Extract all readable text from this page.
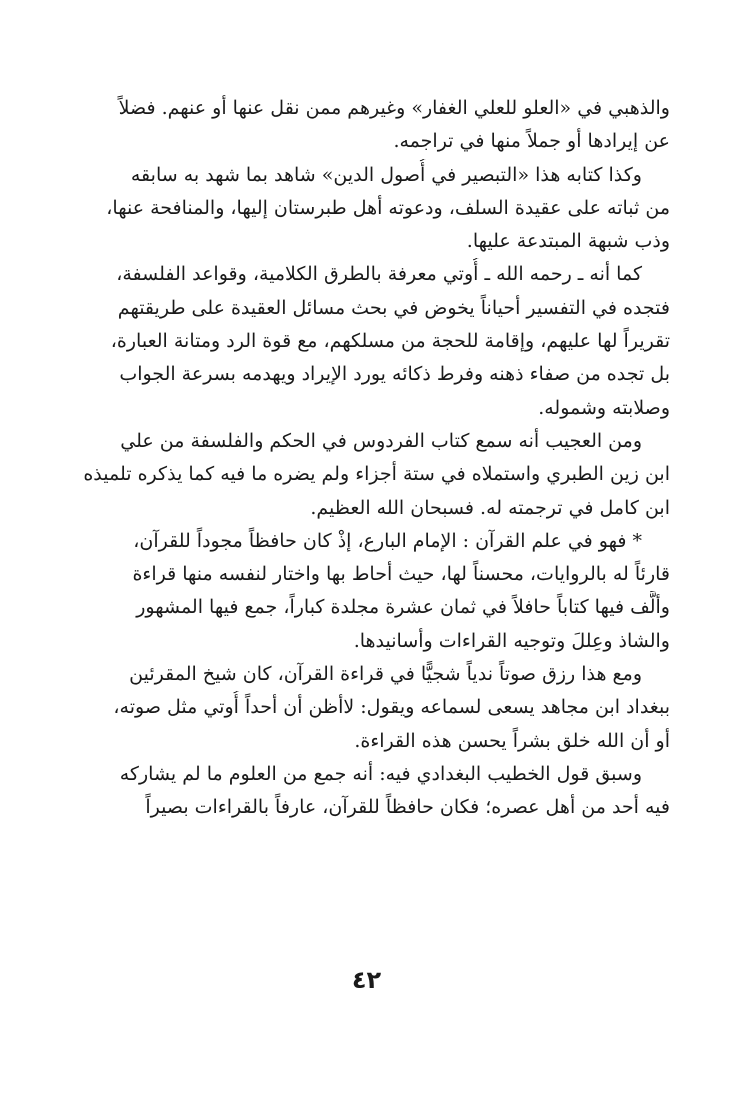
والذهبي في «العلو للعلي الغفار» وغيرهم ممن نقل عنها أو عنهم. فضلاً
عن إيرادها أو جملاً منها في تراجمه.
وكذا كتابه هذا «التبصير في أُصول الدين» شاهد بما شهد به سابقه
من ثباته على عقيدة السلف، ودعوته أهل طبرستان إليها، والمنافحة عنها،
وذب شبهة المبتدعة عليها.
كما أنه ـ رحمه الله ـ أُوتي معرفة بالطرق الكلامية، وقواعد الفلسفة،
فتجده في التفسير أحياناً يخوض في بحث مسائل العقيدة على طريقتهم
تقريراً لها عليهم، وإقامة للحجة من مسلكهم، مع قوة الرد ومتانة العبارة،
بل تجده من صفاء ذهنه وفرط ذكائه يورد الإيراد ويهدمه بسرعة الجواب
وصلابته وشموله.
ومن العجيب أنه سمع كتاب الفردوس في الحكم والفلسفة من علي
ابن زين الطبري واستملاه في ستة أجزاء ولم يضره ما فيه كما يذكره تلميذه
ابن كامل في ترجمته له. فسبحان الله العظيم.
* فهو في علم القرآن : الإمام البارع، إذْ كان حافظاً مجوداً للقرآن،
قارئاً له بالروايات، محسناً لها، حيث أحاط بها واختار لنفسه منها قراءة
وألَّف فيها كتاباً حافلاً في ثمان عشرة مجلدة كباراً، جمع فيها المشهور
والشاذ وعِللَ وتوجيه القراءات وأسانيدها.
ومع هذا رزق صوتاً ندياً شجيًّا في قراءة القرآن، كان شيخ المقرئين
ببغداد ابن مجاهد يسعى لسماعه ويقول: لاأظن أن أحداً أُوتي مثل صوته،
أو أن الله خلق بشراً يحسن هذه القراءة.
وسبق قول الخطيب البغدادي فيه: أنه جمع من العلوم ما لم يشاركه
فيه أحد من أهل عصره؛ فكان حافظاً للقرآن، عارفاً بالقراءات بصيراً
٤٢
